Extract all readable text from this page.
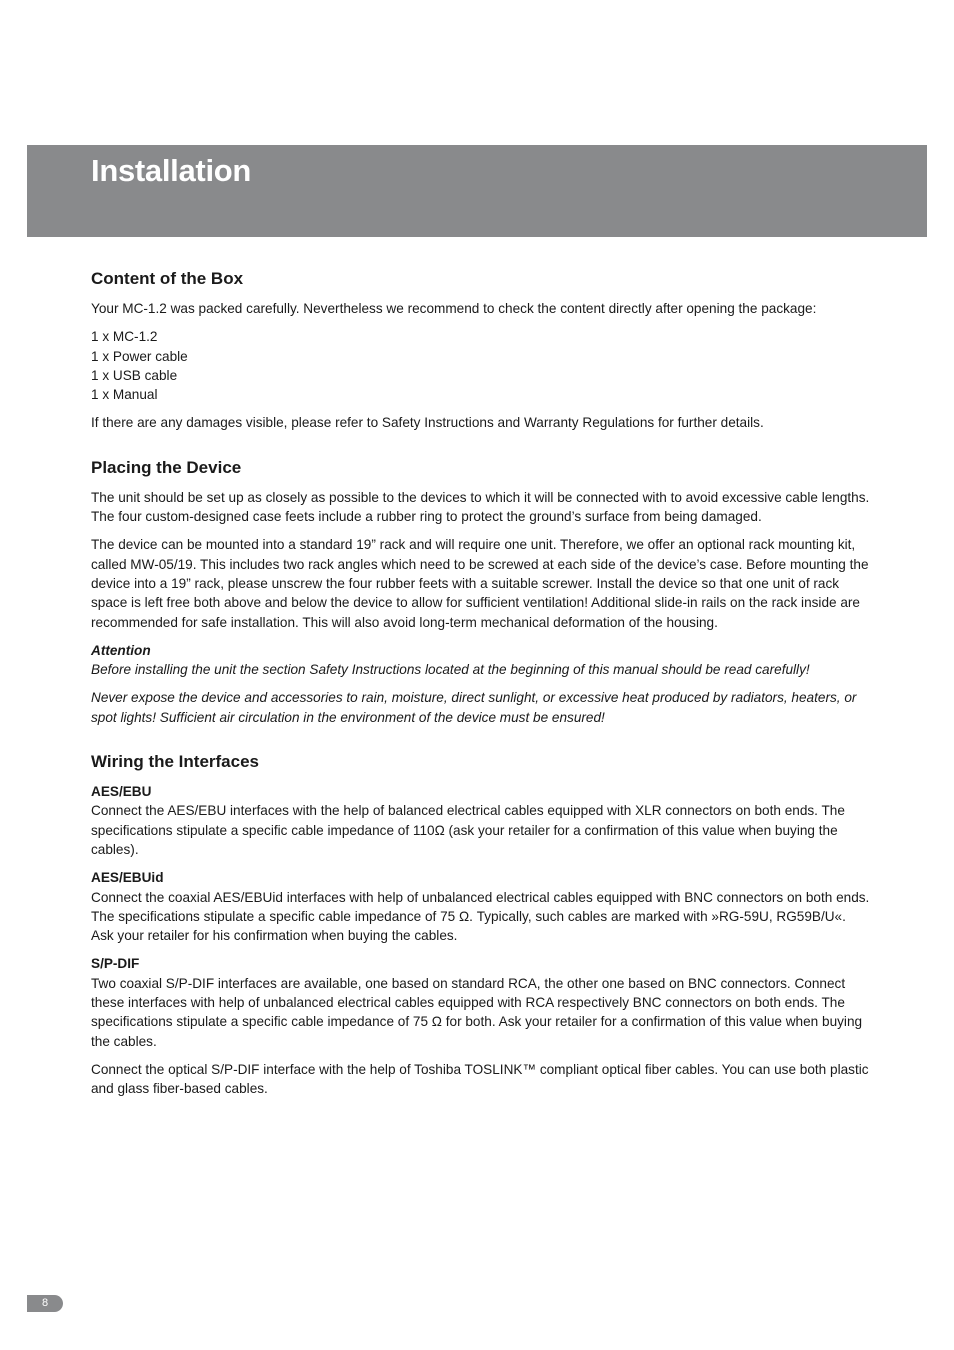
Installation
Content of the Box

Your MC-1.2 was packed carefully. Nevertheless we recommend to check the content directly after opening the package:

1 x MC-1.2
1 x Power cable
1 x USB cable
1 x Manual

If there are any damages visible, please refer to Safety Instructions and Warranty Regulations for further details.

Placing the Device

The unit should be set up as closely as possible to the devices to which it will be connected with to avoid excessive cable lengths. The four custom-designed case feets include a rubber ring to protect the ground’s surface from being damaged.

The device can be mounted into a standard 19” rack and will require one unit. Therefore, we offer an optional rack mounting kit, called MW-05/19. This includes two rack angles which need to be screwed at each side of the device’s case. Before mounting the device into a 19” rack, please unscrew the four rubber feets with a suitable screwer. Install the device so that one unit of rack space is left free both above and below the device to allow for sufficient ventilation! Additional slide-in rails on the rack inside are recommended for safe installation. This will also avoid long-term mechanical deformation of the housing.

Attention
Before installing the unit the section Safety Instructions located at the beginning of this manual should be read carefully!

Never expose the device and accessories to rain, moisture, direct sunlight, or excessive heat produced by radiators, heaters, or spot lights! Sufficient air circulation in the environment of the device must be ensured!

Wiring the Interfaces
AES/EBU
Connect the AES/EBU interfaces with the help of balanced electrical cables equipped with XLR connectors on both ends. The specifications stipulate a specific cable impedance of 110Ω (ask your retailer for a confirmation of this value when buying the cables).
AES/EBUid
Connect the coaxial AES/EBUid interfaces with help of unbalanced electrical cables equipped with BNC connectors on both ends. The specifications stipulate a specific cable impedance of 75 Ω. Typically, such cables are marked with »RG-59U, RG59B/U«. Ask your retailer for his confirmation when buying the cables.
S/P-DIF
Two coaxial S/P-DIF interfaces are available, one based on standard RCA, the other one based on BNC connectors. Connect these interfaces with help of unbalanced electrical cables equipped with RCA respectively BNC connectors on both ends. The specifications stipulate a specific cable impedance of 75 Ω for both. Ask your retailer for a confirmation of this value when buying the cables.

Connect the optical S/P-DIF interface with the help of Toshiba TOSLINK™ compliant optical fiber cables. You can use both plastic and glass fiber-based cables.

8
